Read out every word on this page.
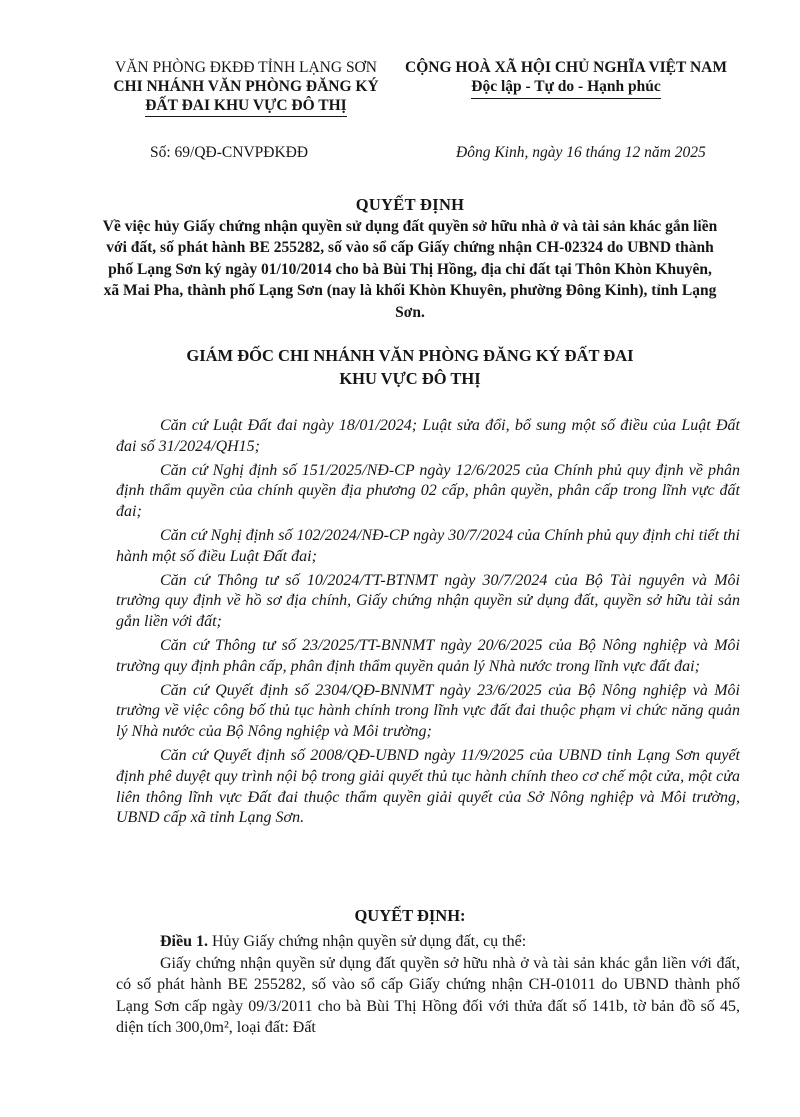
VĂN PHÒNG ĐKĐĐ TỈNH LẠNG SƠN
CHI NHÁNH VĂN PHÒNG ĐĂNG KÝ
ĐẤT ĐAI KHU VỰC ĐÔ THỊ
CỘNG HOÀ XÃ HỘI CHỦ NGHĨA VIỆT NAM
Độc lập - Tự do - Hạnh phúc
Số: 69/QĐ-CNVPĐKĐĐ	Đông Kinh, ngày 16 tháng 12 năm 2025
QUYẾT ĐỊNH
Về việc hủy Giấy chứng nhận quyền sử dụng đất quyền sở hữu nhà ở và tài sản khác gắn liền với đất, số phát hành BE 255282, số vào sổ cấp Giấy chứng nhận CH-02324 do UBND thành phố Lạng Sơn ký ngày 01/10/2014 cho bà Bùi Thị Hồng, địa chỉ đất tại Thôn Khòn Khuyên, xã Mai Pha, thành phố Lạng Sơn (nay là khối Khòn Khuyên, phường Đông Kinh), tỉnh Lạng Sơn.
GIÁM ĐỐC CHI NHÁNH VĂN PHÒNG ĐĂNG KÝ ĐẤT ĐAI
KHU VỰC ĐÔ THỊ

Căn cứ Luật Đất đai ngày 18/01/2024; Luật sửa đổi, bổ sung một số điều của Luật Đất đai số 31/2024/QH15;

Căn cứ Nghị định số 151/2025/NĐ-CP ngày 12/6/2025 của Chính phủ quy định về phân định thẩm quyền của chính quyền địa phương 02 cấp, phân quyền, phân cấp trong lĩnh vực đất đai;

Căn cứ Nghị định số 102/2024/NĐ-CP ngày 30/7/2024 của Chính phủ quy định chi tiết thi hành một số điều Luật Đất đai;

Căn cứ Thông tư số 10/2024/TT-BTNMT ngày 30/7/2024 của Bộ Tài nguyên và Môi trường quy định về hồ sơ địa chính, Giấy chứng nhận quyền sử dụng đất, quyền sở hữu tài sản gắn liền với đất;

Căn cứ Thông tư số 23/2025/TT-BNNMT ngày 20/6/2025 của Bộ Nông nghiệp và Môi trường quy định phân cấp, phân định thẩm quyền quản lý Nhà nước trong lĩnh vực đất đai;

Căn cứ Quyết định số 2304/QĐ-BNNMT ngày 23/6/2025 của Bộ Nông nghiệp và Môi trường về việc công bố thủ tục hành chính trong lĩnh vực đất đai thuộc phạm vi chức năng quản lý Nhà nước của Bộ Nông nghiệp và Môi trường;

Căn cứ Quyết định số 2008/QĐ-UBND ngày 11/9/2025 của UBND tỉnh Lạng Sơn quyết định phê duyệt quy trình nội bộ trong giải quyết thủ tục hành chính theo cơ chế một cửa, một cửa liên thông lĩnh vực Đất đai thuộc thẩm quyền giải quyết của Sở Nông nghiệp và Môi trường, UBND cấp xã tỉnh Lạng Sơn.

QUYẾT ĐỊNH:

Điều 1. Hủy Giấy chứng nhận quyền sử dụng đất, cụ thể:

Giấy chứng nhận quyền sử dụng đất quyền sở hữu nhà ở và tài sản khác gắn liền với đất, có số phát hành BE 255282, số vào sổ cấp Giấy chứng nhận CH-01011 do UBND thành phố Lạng Sơn cấp ngày 09/3/2011 cho bà Bùi Thị Hồng đối với thửa đất số 141b, tờ bản đồ số 45, diện tích 300,0m², loại đất: Đất
